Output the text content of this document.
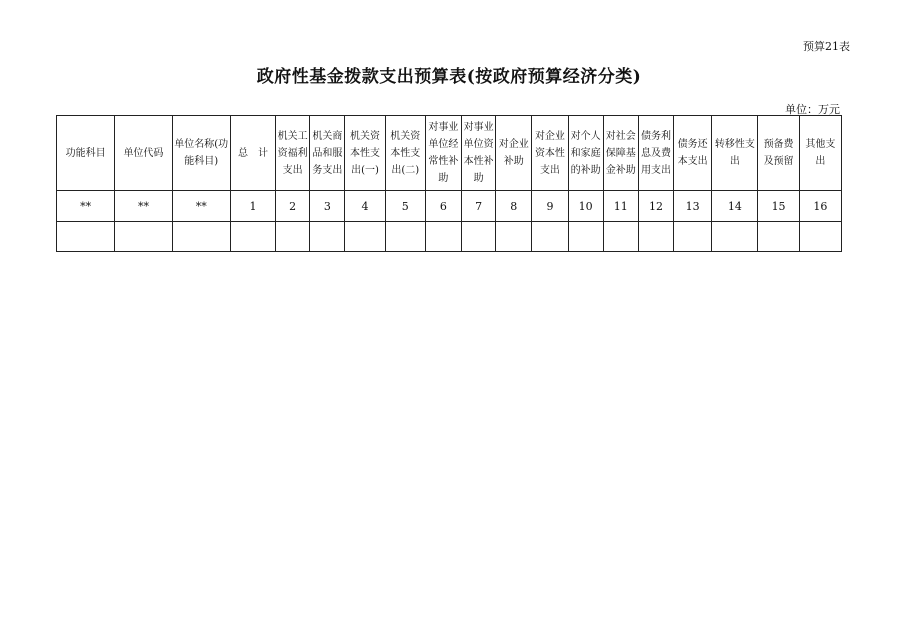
预算21表
政府性基金拨款支出预算表(按政府预算经济分类)
单位：万元
功能科目	单位代码	单位名称(功能科目)	总　计	机关工资福利支出	机关商品和服务支出	机关资本性支出(一)	机关资本性支出(二)	对事业单位经常性补助	对事业单位资本性补助	对企业补助	对企业资本性支出	对个人和家庭的补助	对社会保障基金补助	债务利息及费用支出	债务还本支出	转移性支出	预备费及预留	其他支出
**	**	**	1	2	3	4	5	6	7	8	9	10	11	12	13	14	15	16
